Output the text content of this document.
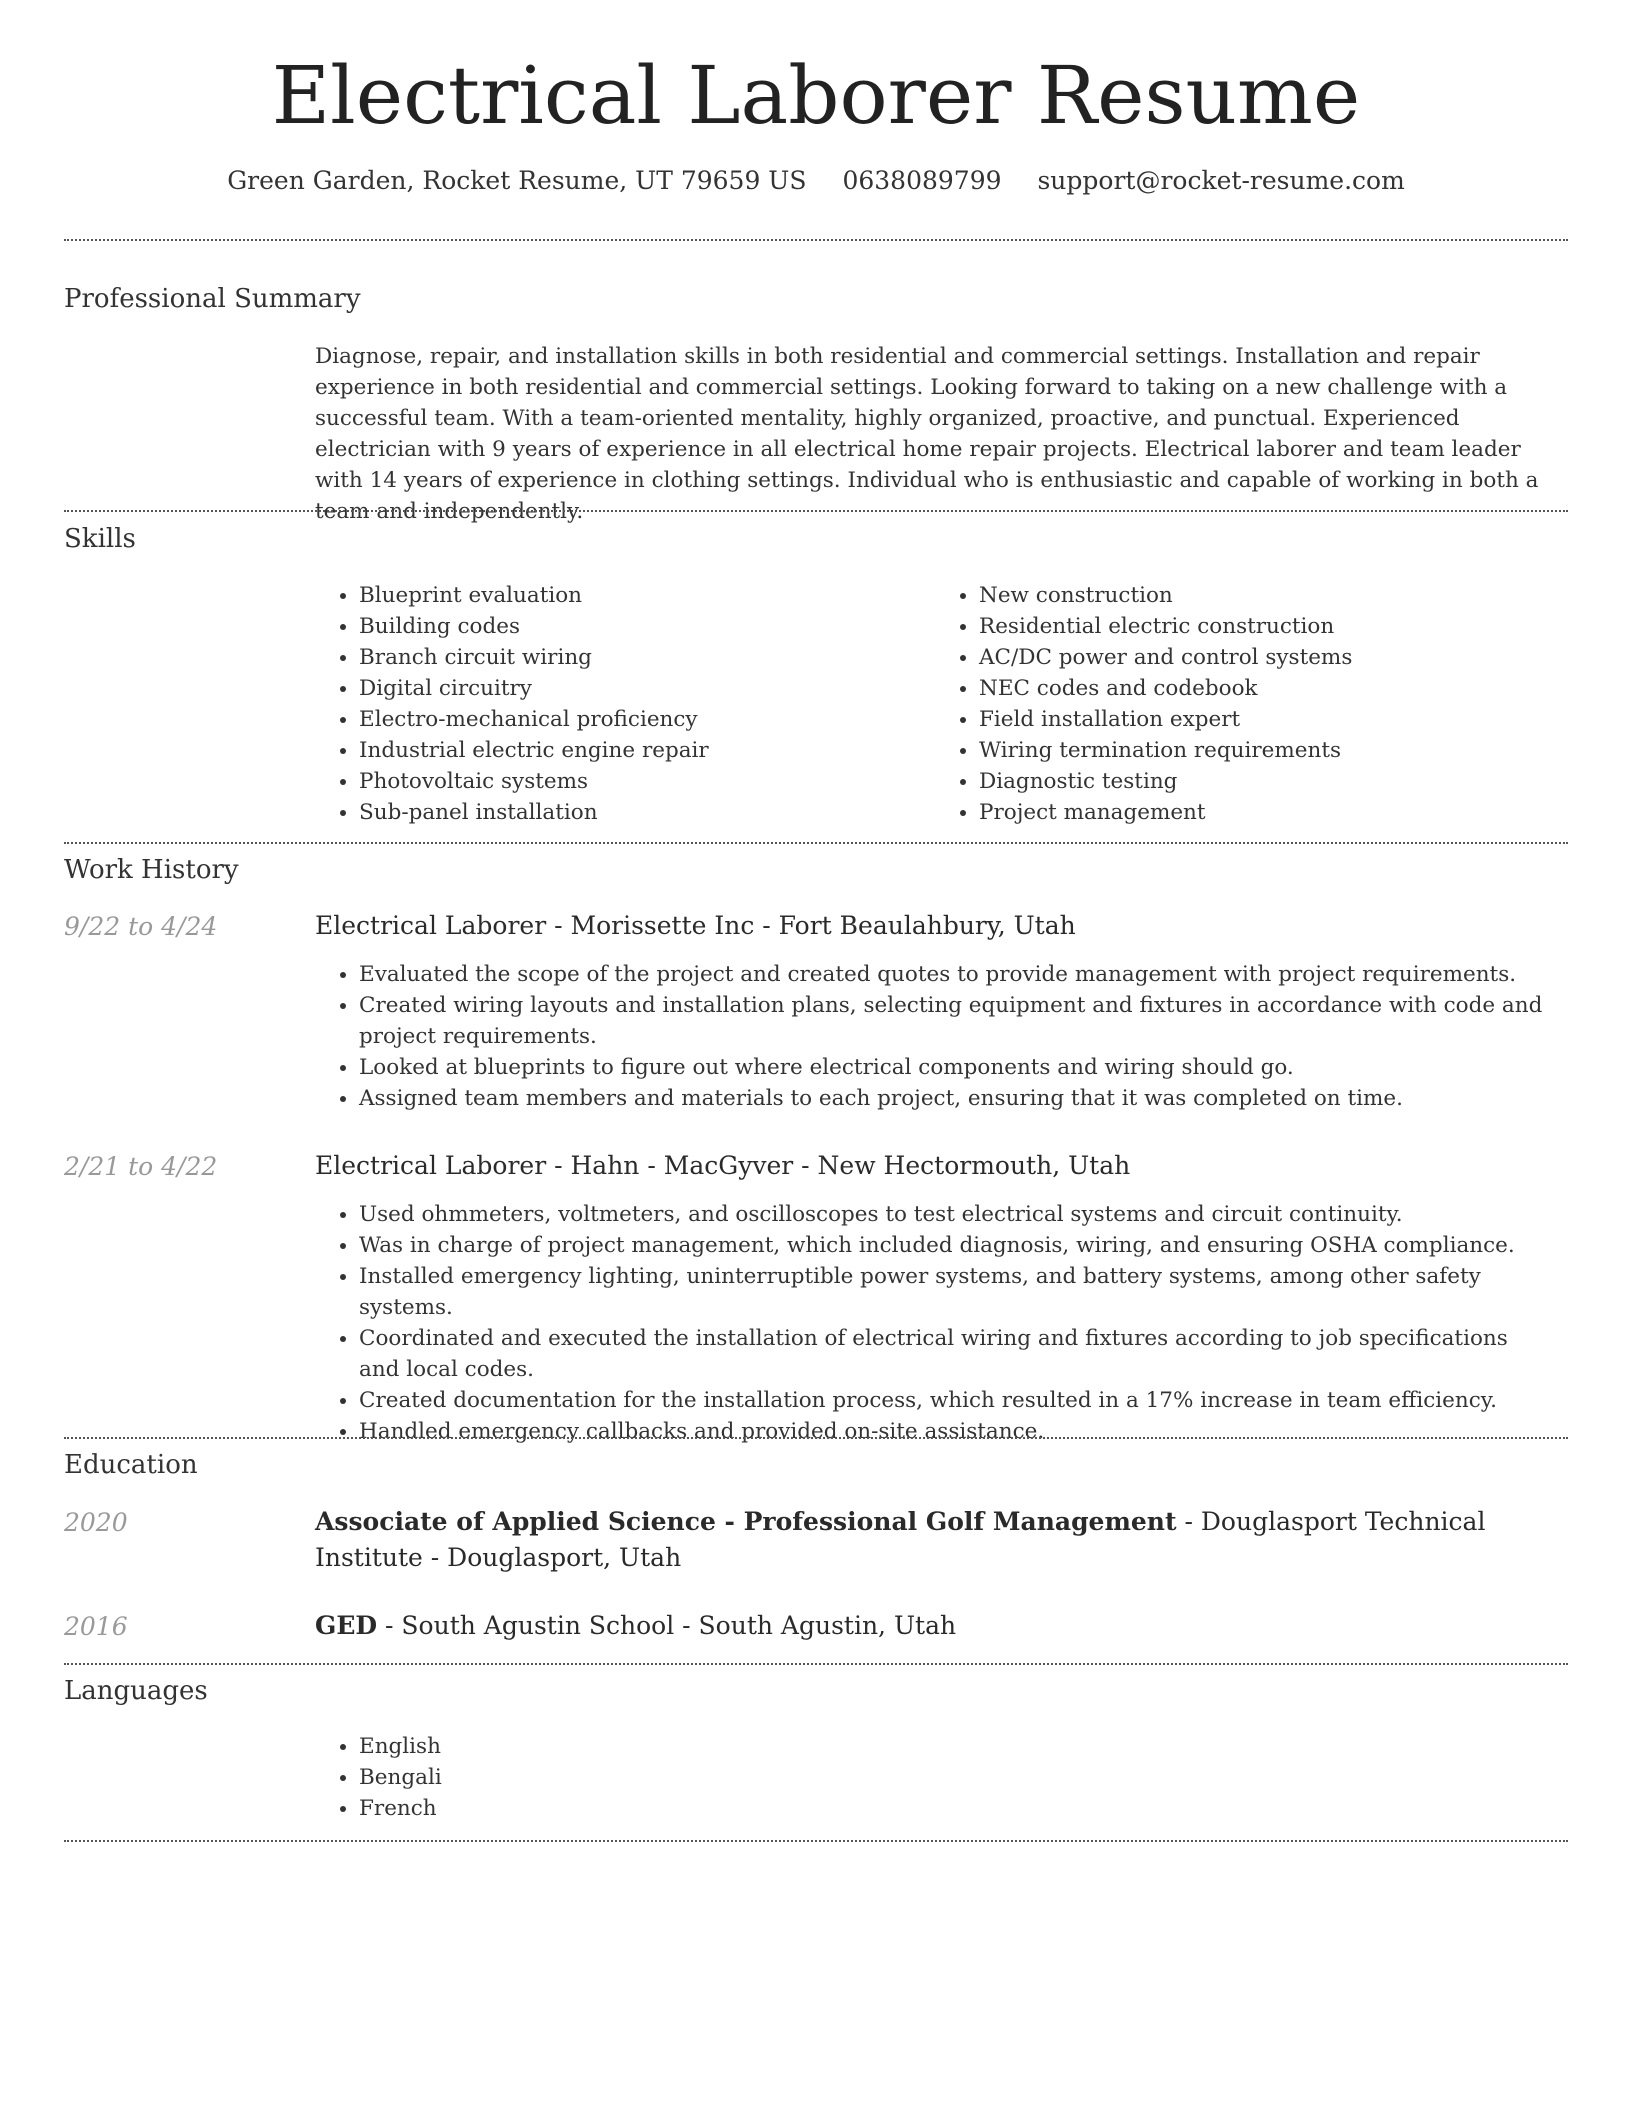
Electrical Laborer Resume
Green Garden, Rocket Resume, UT 79659 US 0638089799 support@rocket-resume.com
Professional Summary
Diagnose, repair, and installation skills in both residential and commercial settings. Installation and repair experience in both residential and commercial settings. Looking forward to taking on a new challenge with a successful team. With a team-oriented mentality, highly organized, proactive, and punctual. Experienced electrician with 9 years of experience in all electrical home repair projects. Electrical laborer and team leader with 14 years of experience in clothing settings. Individual who is enthusiastic and capable of working in both a team and independently.
Skills
• Blueprint evaluation
• Building codes
• Branch circuit wiring
• Digital circuitry
• Electro-mechanical proficiency
• Industrial electric engine repair
• Photovoltaic systems
• Sub-panel installation
• New construction
• Residential electric construction
• AC/DC power and control systems
• NEC codes and codebook
• Field installation expert
• Wiring termination requirements
• Diagnostic testing
• Project management
Work History
9/22 to 4/24	Electrical Laborer - Morissette Inc - Fort Beaulahbury, Utah
• Evaluated the scope of the project and created quotes to provide management with project requirements.
• Created wiring layouts and installation plans, selecting equipment and fixtures in accordance with code and project requirements.
• Looked at blueprints to figure out where electrical components and wiring should go.
• Assigned team members and materials to each project, ensuring that it was completed on time.
2/21 to 4/22	Electrical Laborer - Hahn - MacGyver - New Hectormouth, Utah
• Used ohmmeters, voltmeters, and oscilloscopes to test electrical systems and circuit continuity.
• Was in charge of project management, which included diagnosis, wiring, and ensuring OSHA compliance.
• Installed emergency lighting, uninterruptible power systems, and battery systems, among other safety systems.
• Coordinated and executed the installation of electrical wiring and fixtures according to job specifications and local codes.
• Created documentation for the installation process, which resulted in a 17% increase in team efficiency.
• Handled emergency callbacks and provided on-site assistance.
Education
2020	Associate of Applied Science - Professional Golf Management - Douglasport Technical Institute - Douglasport, Utah
2016	GED - South Agustin School - South Agustin, Utah
Languages
• English
• Bengali
• French
